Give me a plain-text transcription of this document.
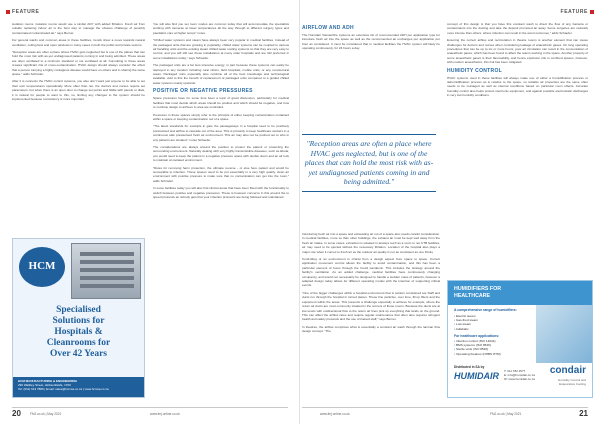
FEATURE

isolation rooms. Isolation rooms would use a similar ADY with added filtration. Fresh air from outside replacing indoor air is the best way to manage the obvious challenge of possibly contaminated contaminated air," says Berner.

For general wards and common areas in these facilities, trends show a move towards natural ventilation, ceiling fans and open windows in many cases in both the public and private sectors.

"Reception areas are often a place where HVAC gets neglected but is one of the places that can hold the most risk with as-yet undiagnosed patients coming in and being admitted. These areas are often ventilated to a minimum standard or not ventilated at all. Consulting in these areas creates significant risk of cross-contamination. HVAC design should always consider the effect that a person carrying a highly contagious disease would have on others and in sharing the same space," adds Schröder.

After it is connects the HVAC control systems, you also don't want just anyone to be able to set their own temperatures sporadically. More often than not, the doctors and nurses require set parameters, but when there is an open door to change set points and fiddle with panels or dials, it is natural for people to want to this, so, limiting any changes to the system should be implemented because consistency is more important.

HCM
Specialised
Solutions for
Hospitals &
Cleanrooms for
Over 42 Years
HCM MANUFACTURING & ENGINEERING
290 Walkley Street, Hicksonfields, 1760
Tel: (011) 613 7889 | Email: sales@hcmsa.co.za | www.hcmsa.co.za

You will also find you set room modes are common today that will accommodate the specialists working with cameras at lower temperatures all the way through to different surgery types and paediatric care at higher temps" notes.

"Chilled water systems and steam have always been very popular in medical facilities. Instead of the packaged units that are growing in popularity, chilled water systems can be coupled to various air handling units and the existing steam chilled water cooling systems so that they are very easy to control, and you will still see these installations at many older hospitals and are still preferred in some installations today," says Schaefer.

The packaged units are a far less intensive energy, in part because these systems can easily be deployed in any location including rural clinics, field hospitals, mobile units, or any remote/rural areas. Packaged units especially also combine all of the best knowledge and technological available. Add to this the benefit of replacement of packaged units compared to a guided chilled water systems mainly upwards.

POSITIVE OR NEGATIVE PRESSURES

Space pressures have for some time been a topic of great discussion, particularly for medical facilities that must decide which areas should be positive and which should be negative, and how to combine design to achieve in area are controlled.

Pressures in these spaces simply refer to the principle of either keeping contamination contained within a space or keeping contamination out of a space.

"The latest standards for example in gate the passageways in a hospital need to be positively pressurised and airflow to cascade out of the area. This is primarily to keep healthcare workers in a continuous safe pressurised fresh air environment. This air may also not be pushed out to who in any patients are situated," notes Schaefer.

The considerations are always around the position to protect the patient or protecting the surrounding environment. Naturally dealing with very highly transmissible diseases, such as Ebola, you would need to keep the patient in a negative pressure space with double doors and an air lock to maintain an isolated environment.

"Rules for removing harm protection, the ultimate reverse - or else here patient and would be susceptible to infection. These spaces need to be put essentially in a very high quality, clean air environment with positive pressure to make sure that no contamination can get into the room," adds Schröder.

In some facilities today you will also find clinical areas that have been fitted with the functionality to switch between positive and negative pressures. These is however concerns in this around the to speed protocols as nobody gets that your infection protocols are being followed and maintained.

20	FMJ.co.uk | May 2021	www.fmj.online.co.uk
FEATURE
AIRFLOW AND ADH

The Humidair Vaxsterilize systems an extensive list of recommended ADH per application type for introduce fresh air into the space as well as the recommended air exchanges per application per hour as considered. It must be considered that in medical facilities the HVAC system will likely be operating continuously, for 24 hours a day.

Introducing fresh air into a space and exhausting air out of a space also needs careful consideration. In medical facilities, more so than other buildings, the exhaust air must be kept well away from the fresh air intake. In some cases, extraction is situated in airways such as a room to not CTB facilities, air may need to be ejected without the necessary filtration. Location of the hospital also plays a major role when it comes to fresh air as the outdoor air quality is not as consistent as one thinks.

Controlling of an environment is critical from a design aspect from space to space. Correct application movement control allows the facility to avoid contamination, and this has been a particular element of focus through the Covid pandemic. This includes the strategy around the facility's ventilation. As an added challenge, medical facilities have continuously changing occupancy, and would not necessarily be designed to handle a sudden mass of patients, however a adapted design today allows for different operating modes with the intention of supporting critical events.

"One of the bigger challenges within a hospital environment that is seldom considered are Staff and ducts run through the hospital in turned places. These fine particles, over time, fill up filters and the equipment within the areas. This presents a challenge especially to achieve for example, where the return air ducts are most commonly situated in the corners of these rooms. Because the ducts are at low levels with unidirectional flow to the return air lines pick up everything that lands on the ground. This can affect the airflow rates and require regular maintenance that often also requires stringent health and safety protocols and the use of trained staff," says Berner.

In theatres, the airflow comprises what is essentially a constant air wash through the laminar flow design concept. "The

concept of this design is that you have this constant wash to direct the flow of any bacteria or contaminants into the ducting and take the deposit promoted air away. Some surgeries are naturally more intense than others, where infection can result in the worst outcomes," adds Schaefer.

Ensuring the correct airflow and recirculation in theatre rooms is another element that can cause challenges for doctors and nurses when considering leakage of anaesthetic gases. On long operating procedures that can be up to six or more hours, poor air circulation can result in the concentration of anaesthetic gases, which has been found to affect the teams working in the space. Another property of some anaesthetic gases is their flammability, and hence explosion risk in confined spaces, however, with modern anaesthetics, this risk has been mitigated.

HUMIDITY CONTROL

HVAC systems used in these facilities will always make use of either a humidification process or dehumidification process as is relative to the space, so suitable air properties are the same often needs to be managed as well as internal conditions based on particular room effects. Accurate humidity control also helps protect electronic equipment, and against possible electrostatic discharges in very low humidity conditions.

www.fmj.online.co.uk	FMJ.co.uk | May 2021	21
"Reception areas are often a place where HVAC gets neglected, but is one of the places that can hold the most risk with as-yet undiagnosed patients coming in and being admitted."
HUMIDIFIERS FOR
HEALTHCARE
A comprehensive range of humidifiers:
▪ Electric steam
▪ Gas-fired steam
▪ Low-steam
▪ Adiabatic
For healthcare applications:
▪ Infection control (ISO 14644)
▪ BMS systems (ISO 8546)
▪ Sterile units (ISO 8546)
▪ Operating theatres (NHBS HTM)
Distributed in SA by
HUMIDAIR T: 011 782 2577
E: info@humidair.co.za
W: www.humidair.co.za
condair
Humidity Control and
Evaporative Cooling
